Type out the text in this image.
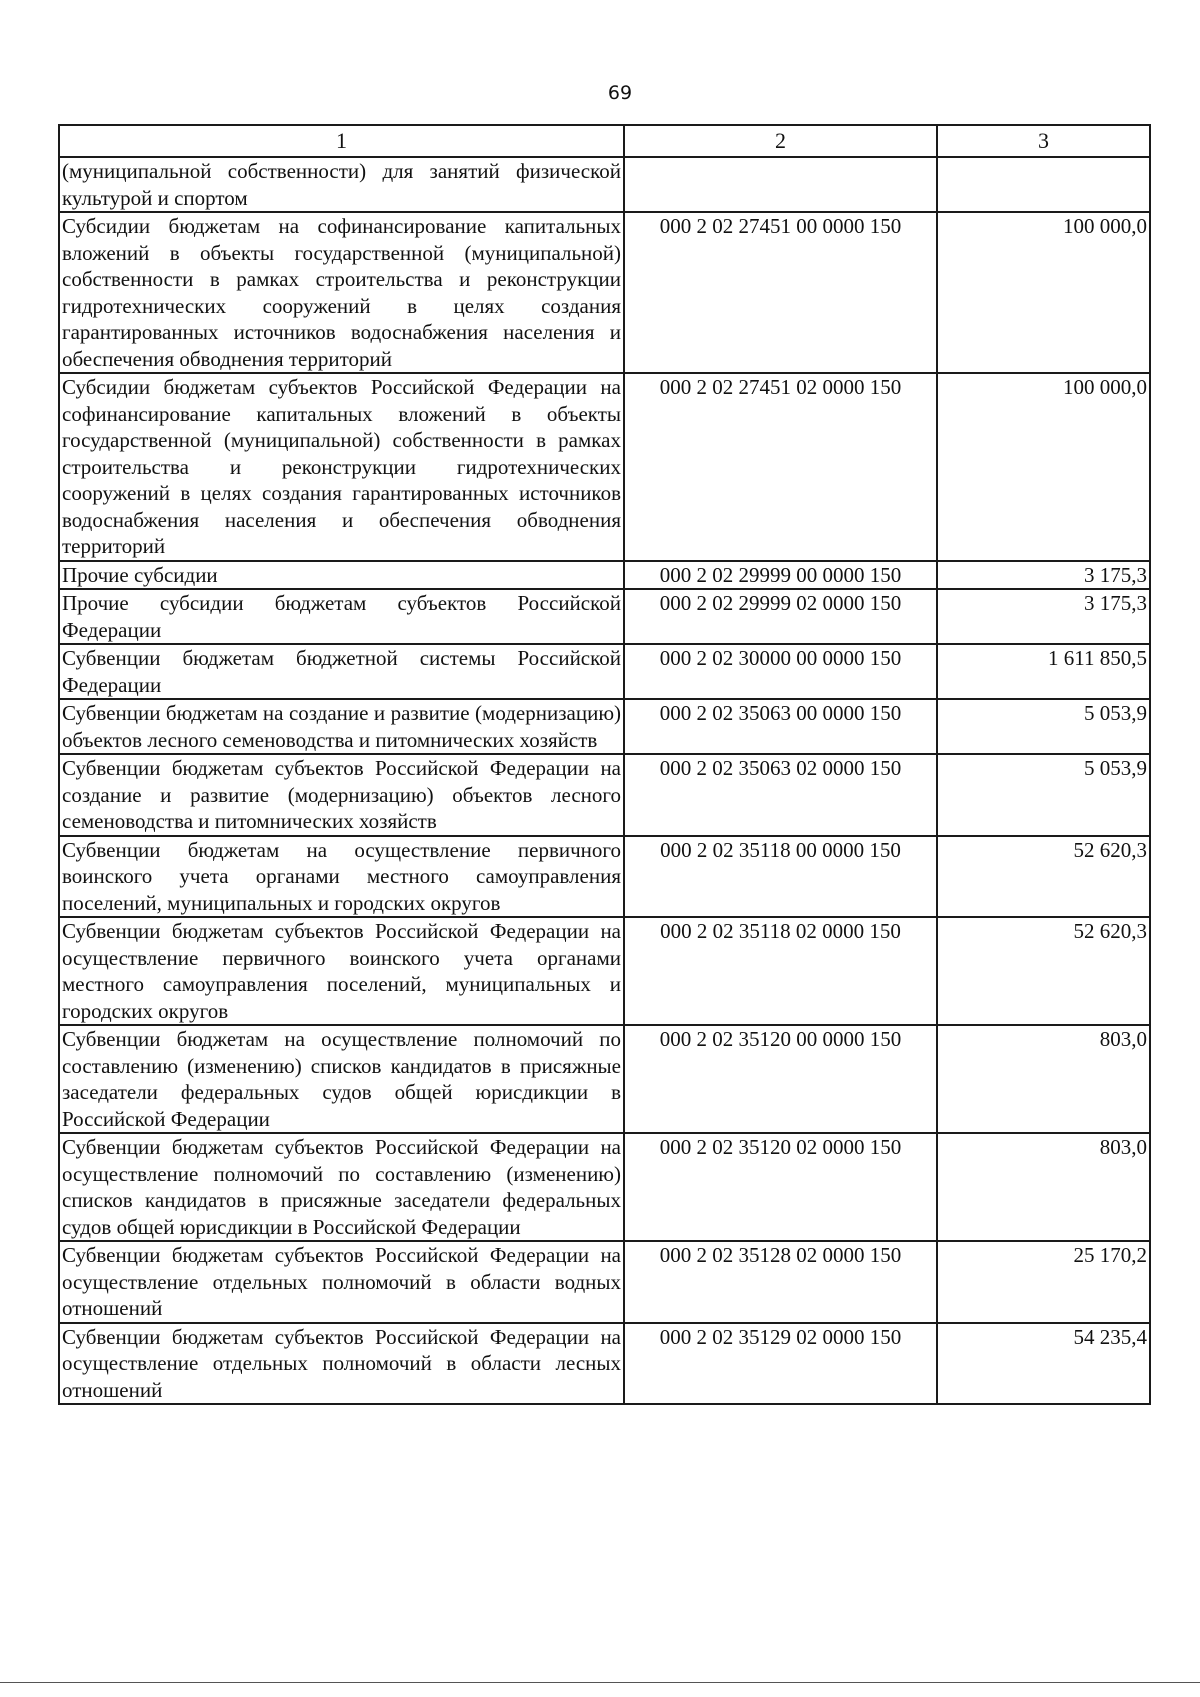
69
1	2	3
(муниципальной собственности) для занятий физической культурой и спортом		
Субсидии бюджетам на софинансирование капитальных вложений в объекты государственной (муниципальной) собственности в рамках строительства и реконструкции гидротехнических сооружений в целях создания гарантированных источников водоснабжения населения и обеспечения обводнения территорий	000 2 02 27451 00 0000 150	100 000,0
Субсидии бюджетам субъектов Российской Федерации на софинансирование капитальных вложений в объекты государственной (муниципальной) собственности в рамках строительства и реконструкции гидротехнических сооружений в целях создания гарантированных источников водоснабжения населения и обеспечения обводнения территорий	000 2 02 27451 02 0000 150	100 000,0
Прочие субсидии	000 2 02 29999 00 0000 150	3 175,3
Прочие субсидии бюджетам субъектов Российской Федерации	000 2 02 29999 02 0000 150	3 175,3
Субвенции бюджетам бюджетной системы Российской Федерации	000 2 02 30000 00 0000 150	1 611 850,5
Субвенции бюджетам на создание и развитие (модернизацию) объектов лесного семеноводства и питомнических хозяйств	000 2 02 35063 00 0000 150	5 053,9
Субвенции бюджетам субъектов Российской Федерации на создание и развитие (модернизацию) объектов лесного семеноводства и питомнических хозяйств	000 2 02 35063 02 0000 150	5 053,9
Субвенции бюджетам на осуществление первичного воинского учета органами местного самоуправления поселений, муниципальных и городских округов	000 2 02 35118 00 0000 150	52 620,3
Субвенции бюджетам субъектов Российской Федерации на осуществление первичного воинского учета органами местного самоуправления поселений, муниципальных и городских округов	000 2 02 35118 02 0000 150	52 620,3
Субвенции бюджетам на осуществление полномочий по составлению (изменению) списков кандидатов в присяжные заседатели федеральных судов общей юрисдикции в Российской Федерации	000 2 02 35120 00 0000 150	803,0
Субвенции бюджетам субъектов Российской Федерации на осуществление полномочий по составлению (изменению) списков кандидатов в присяжные заседатели федеральных судов общей юрисдикции в Российской Федерации	000 2 02 35120 02 0000 150	803,0
Субвенции бюджетам субъектов Российской Федерации на осуществление отдельных полномочий в области водных отношений	000 2 02 35128 02 0000 150	25 170,2
Субвенции бюджетам субъектов Российской Федерации на осуществление отдельных полномочий в области лесных отношений	000 2 02 35129 02 0000 150	54 235,4
